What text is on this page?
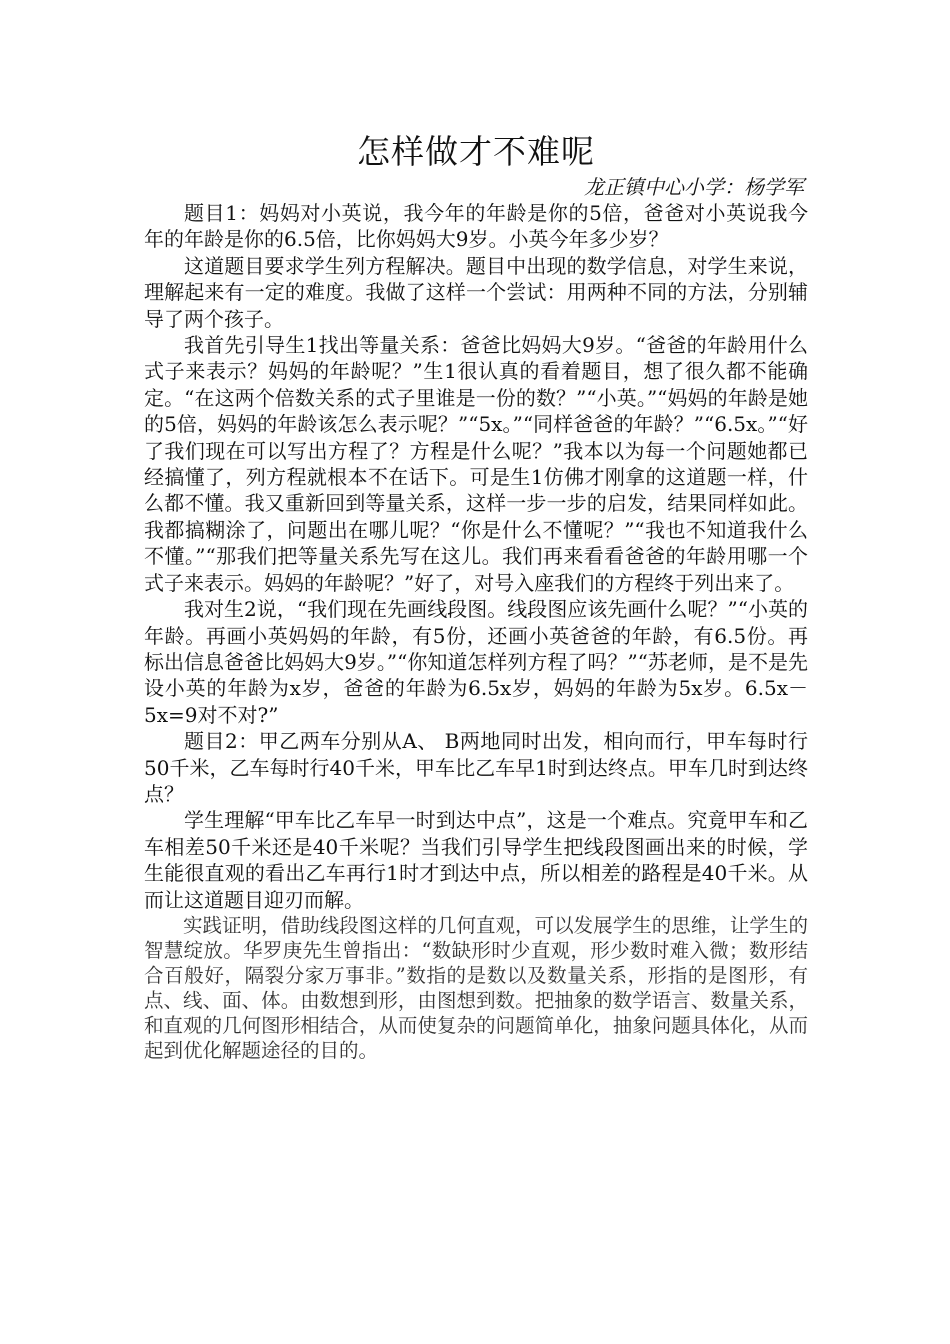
怎样做才不难呢

龙正镇中心小学：杨学军

题目1：妈妈对小英说，我今年的年龄是你的5倍，爸爸对小英说我今年的年龄是你的6.5倍，比你妈妈大9岁。小英今年多少岁？

这道题目要求学生列方程解决。题目中出现的数学信息，对学生来说，理解起来有一定的难度。我做了这样一个尝试：用两种不同的方法，分别辅导了两个孩子。

我首先引导生1找出等量关系：爸爸比妈妈大9岁。“爸爸的年龄用什么式子来表示？妈妈的年龄呢？”生1很认真的看着题目，想了很久都不能确定。“在这两个倍数关系的式子里谁是一份的数？”“小英。”“妈妈的年龄是她的5倍，妈妈的年龄该怎么表示呢？”“5x。”“同样爸爸的年龄？”“6.5x。”“好了我们现在可以写出方程了？方程是什么呢？”我本以为每一个问题她都已经搞懂了，列方程就根本不在话下。可是生1仿佛才刚拿的这道题一样，什么都不懂。我又重新回到等量关系，这样一步一步的启发，结果同样如此。我都搞糊涂了，问题出在哪儿呢？“你是什么不懂呢？”“我也不知道我什么不懂。”“那我们把等量关系先写在这儿。我们再来看看爸爸的年龄用哪一个式子来表示。妈妈的年龄呢？”好了，对号入座我们的方程终于列出来了。

我对生2说，“我们现在先画线段图。线段图应该先画什么呢？”“小英的年龄。再画小英妈妈的年龄，有5份，还画小英爸爸的年龄，有6.5份。再标出信息爸爸比妈妈大9岁。”“你知道怎样列方程了吗？”“苏老师，是不是先设小英的年龄为x岁，爸爸的年龄为6.5x岁，妈妈的年龄为5x岁。6.5x－5x=9对不对?”

题目2：甲乙两车分别从A、 B两地同时出发，相向而行，甲车每时行50千米，乙车每时行40千米，甲车比乙车早1时到达终点。甲车几时到达终点？

学生理解“甲车比乙车早一时到达中点”，这是一个难点。究竟甲车和乙车相差50千米还是40千米呢？当我们引导学生把线段图画出来的时候，学生能很直观的看出乙车再行1时才到达中点，所以相差的路程是40千米。从而让这道题目迎刃而解。

实践证明，借助线段图这样的几何直观，可以发展学生的思维，让学生的智慧绽放。华罗庚先生曾指出：“数缺形时少直观，形少数时难入微；数形结合百般好，隔裂分家万事非。”数指的是数以及数量关系，形指的是图形，有点、线、面、体。由数想到形，由图想到数。把抽象的数学语言、数量关系，和直观的几何图形相结合，从而使复杂的问题简单化，抽象问题具体化，从而起到优化解题途径的目的。
